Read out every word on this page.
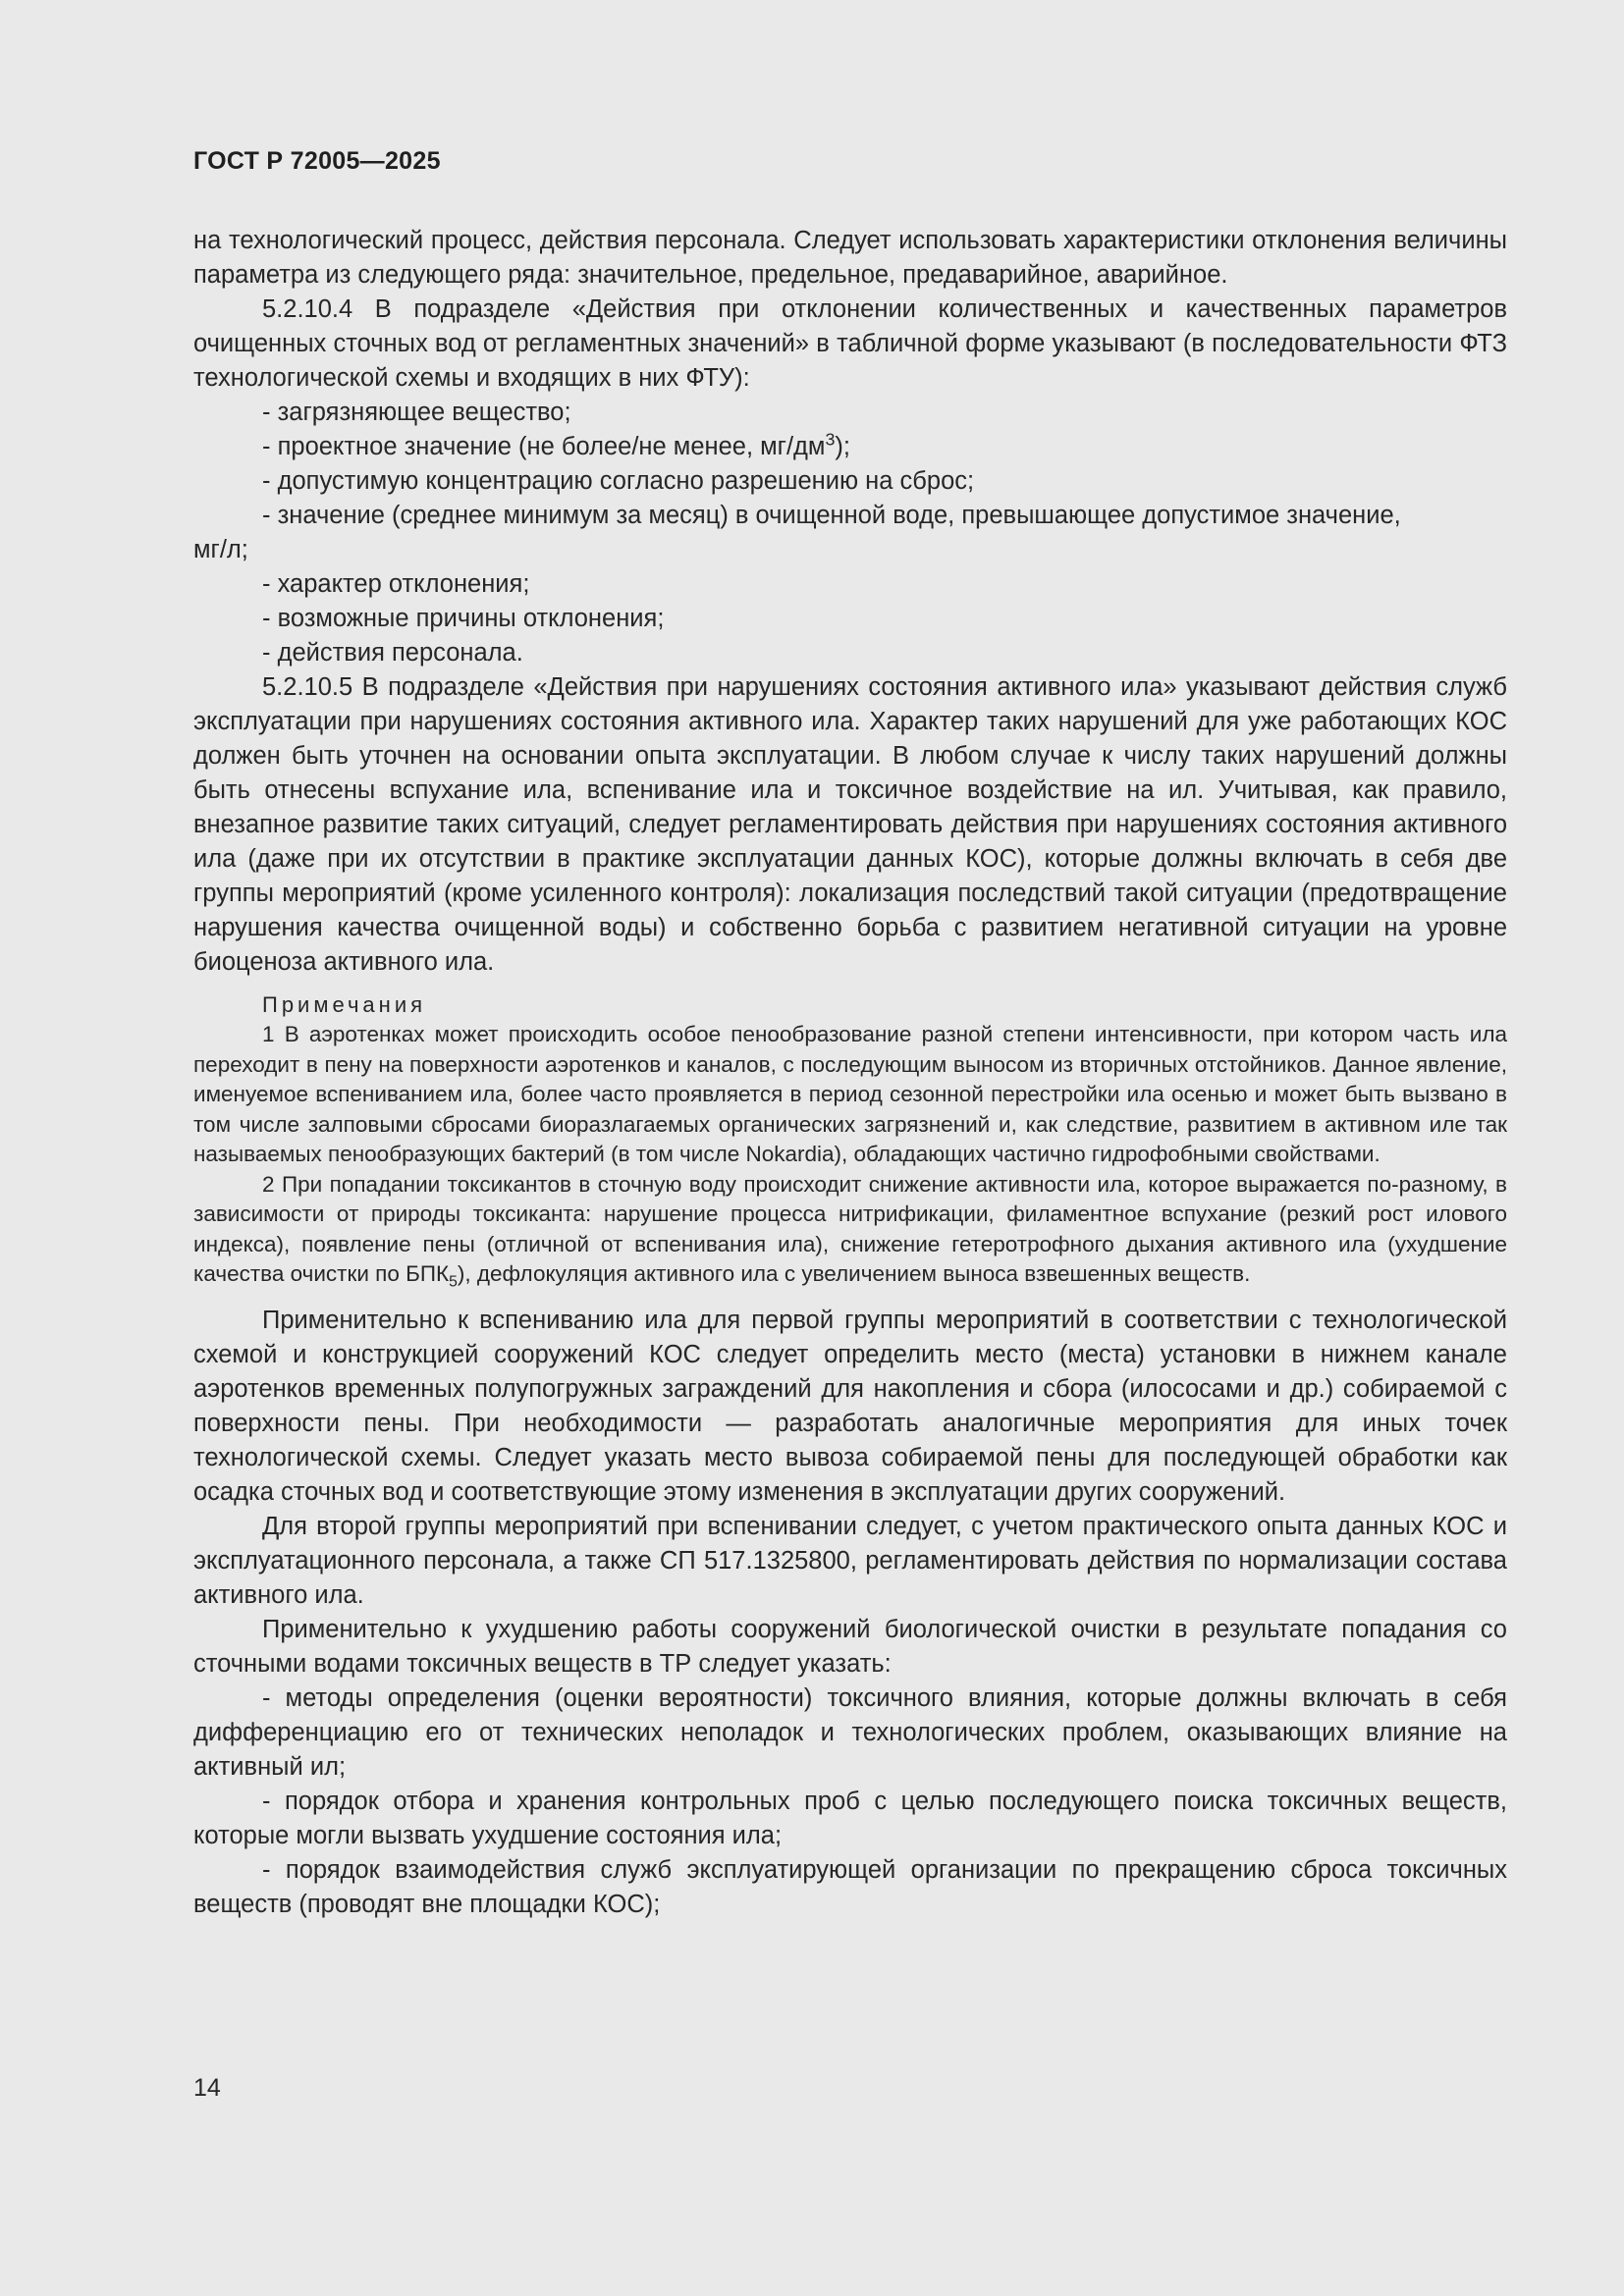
ГОСТ Р 72005—2025

на технологический процесс, действия персонала. Следует использовать характеристики отклонения величины параметра из следующего ряда: значительное, предельное, предаварийное, аварийное.

5.2.10.4 В подразделе «Действия при отклонении количественных и качественных параметров очищенных сточных вод от регламентных значений» в табличной форме указывают (в последовательности ФТЗ технологической схемы и входящих в них ФТУ):

- загрязняющее вещество;

- проектное значение (не более/не менее, $мг/дм^3$);

- допустимую концентрацию согласно разрешению на сброс;

- значение (среднее минимум за месяц) в очищенной воде, превышающее допустимое значение,

мг/л;

- характер отклонения;

- возможные причины отклонения;

- действия персонала.

5.2.10.5 В подразделе «Действия при нарушениях состояния активного ила» указывают действия служб эксплуатации при нарушениях состояния активного ила. Характер таких нарушений для уже работающих КОС должен быть уточнен на основании опыта эксплуатации. В любом случае к числу таких нарушений должны быть отнесены вспухание ила, вспенивание ила и токсичное воздействие на ил. Учитывая, как правило, внезапное развитие таких ситуаций, следует регламентировать действия при нарушениях состояния активного ила (даже при их отсутствии в практике эксплуатации данных КОС), которые должны включать в себя две группы мероприятий (кроме усиленного контроля): локализация последствий такой ситуации (предотвращение нарушения качества очищенной воды) и собственно борьба с развитием негативной ситуации на уровне биоценоза активного ила.

Примечания

1 В аэротенках может происходить особое пенообразование разной степени интенсивности, при котором часть ила переходит в пену на поверхности аэротенков и каналов, с последующим выносом из вторичных отстойников. Данное явление, именуемое вспениванием ила, более часто проявляется в период сезонной перестройки ила осенью и может быть вызвано в том числе залповыми сбросами биоразлагаемых органических загрязнений и, как следствие, развитием в активном иле так называемых пенообразующих бактерий (в том числе Nokardia), обладающих частично гидрофобными свойствами.

2 При попадании токсикантов в сточную воду происходит снижение активности ила, которое выражается по-разному, в зависимости от природы токсиканта: нарушение процесса нитрификации, филаментное вспухание (резкий рост илового индекса), появление пены (отличной от вспенивания ила), снижение гетеротрофного дыхания активного ила (ухудшение качества очистки по $БПК_5$), дефлокуляция активного ила с увеличением выноса взвешенных веществ.

Применительно к вспениванию ила для первой группы мероприятий в соответствии с технологической схемой и конструкцией сооружений КОС следует определить место (места) установки в нижнем канале аэротенков временных полупогружных заграждений для накопления и сбора (илососами и др.) собираемой с поверхности пены. При необходимости — разработать аналогичные мероприятия для иных точек технологической схемы. Следует указать место вывоза собираемой пены для последующей обработки как осадка сточных вод и соответствующие этому изменения в эксплуатации других сооружений.

Для второй группы мероприятий при вспенивании следует, с учетом практического опыта данных КОС и эксплуатационного персонала, а также СП 517.1325800, регламентировать действия по нормализации состава активного ила.

Применительно к ухудшению работы сооружений биологической очистки в результате попадания со сточными водами токсичных веществ в ТР следует указать:

- методы определения (оценки вероятности) токсичного влияния, которые должны включать в себя дифференциацию его от технических неполадок и технологических проблем, оказывающих влияние на активный ил;

- порядок отбора и хранения контрольных проб с целью последующего поиска токсичных веществ, которые могли вызвать ухудшение состояния ила;

- порядок взаимодействия служб эксплуатирующей организации по прекращению сброса токсичных веществ (проводят вне площадки КОС);

14
